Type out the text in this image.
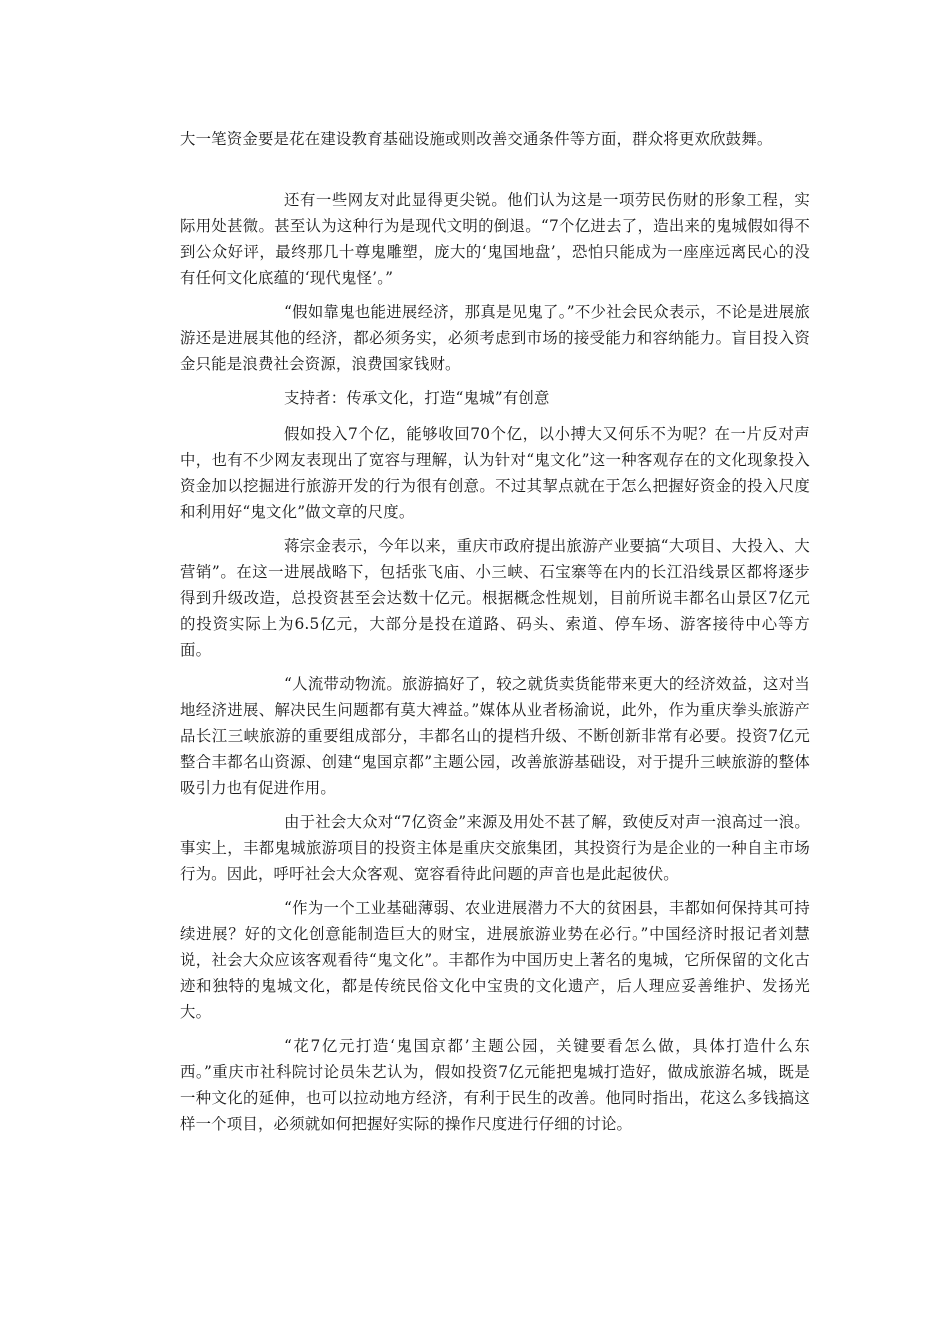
大一笔资金要是花在建设教育基础设施或则改善交通条件等方面，群众将更欢欣鼓舞。

还有一些网友对此显得更尖锐。他们认为这是一项劳民伤财的形象工程，实际用处甚微。甚至认为这种行为是现代文明的倒退。“7个亿进去了，造出来的鬼城假如得不到公众好评，最终那几十尊鬼雕塑，庞大的‘鬼国地盘’，恐怕只能成为一座座远离民心的没有任何文化底蕴的‘现代鬼怪’。”

“假如靠鬼也能进展经济，那真是见鬼了。”不少社会民众表示，不论是进展旅游还是进展其他的经济，都必须务实，必须考虑到市场的接受能力和容纳能力。盲目投入资金只能是浪费社会资源，浪费国家钱财。

支持者：传承文化，打造“鬼城”有创意

假如投入7个亿，能够收回70个亿，以小搏大又何乐不为呢？在一片反对声中，也有不少网友表现出了宽容与理解，认为针对“鬼文化”这一种客观存在的文化现象投入资金加以挖掘进行旅游开发的行为很有创意。不过其挈点就在于怎么把握好资金的投入尺度和利用好“鬼文化”做文章的尺度。

蒋宗金表示，今年以来，重庆市政府提出旅游产业要搞“大项目、大投入、大营销”。在这一进展战略下，包括张飞庙、小三峡、石宝寨等在内的长江沿线景区都将逐步得到升级改造，总投资甚至会达数十亿元。根据概念性规划，目前所说丰都名山景区7亿元的投资实际上为6.5亿元，大部分是投在道路、码头、索道、停车场、游客接待中心等方面。

“人流带动物流。旅游搞好了，较之就货卖货能带来更大的经济效益，这对当地经济进展、解决民生问题都有莫大裨益。”媒体从业者杨渝说，此外，作为重庆拳头旅游产品长江三峡旅游的重要组成部分，丰都名山的提档升级、不断创新非常有必要。投资7亿元整合丰都名山资源、创建“鬼国京都”主题公园，改善旅游基础设，对于提升三峡旅游的整体吸引力也有促进作用。

由于社会大众对“7亿资金”来源及用处不甚了解，致使反对声一浪高过一浪。事实上，丰都鬼城旅游项目的投资主体是重庆交旅集团，其投资行为是企业的一种自主市场行为。因此，呼吁社会大众客观、宽容看待此问题的声音也是此起彼伏。

“作为一个工业基础薄弱、农业进展潜力不大的贫困县，丰都如何保持其可持续进展？好的文化创意能制造巨大的财宝，进展旅游业势在必行。”中国经济时报记者刘慧说，社会大众应该客观看待“鬼文化”。丰都作为中国历史上著名的鬼城，它所保留的文化古迹和独特的鬼城文化，都是传统民俗文化中宝贵的文化遗产，后人理应妥善维护、发扬光大。

“花7亿元打造‘鬼国京都’主题公园，关键要看怎么做，具体打造什么东西。”重庆市社科院讨论员朱艺认为，假如投资7亿元能把鬼城打造好，做成旅游名城，既是一种文化的延伸，也可以拉动地方经济，有利于民生的改善。他同时指出，花这么多钱搞这样一个项目，必须就如何把握好实际的操作尺度进行仔细的讨论。
